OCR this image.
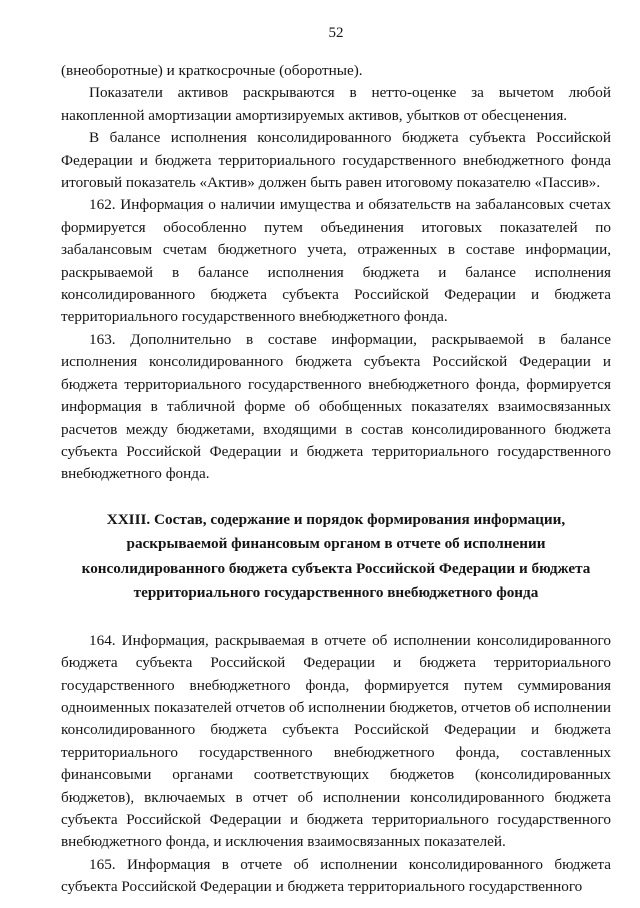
52

(внеоборотные) и краткосрочные (оборотные).

Показатели активов раскрываются в нетто-оценке за вычетом любой накопленной амортизации амортизируемых активов, убытков от обесценения.

В балансе исполнения консолидированного бюджета субъекта Российской Федерации и бюджета территориального государственного внебюджетного фонда итоговый показатель «Актив» должен быть равен итоговому показателю «Пассив».

162. Информация о наличии имущества и обязательств на забалансовых счетах формируется обособленно путем объединения итоговых показателей по забалансовым счетам бюджетного учета, отраженных в составе информации, раскрываемой в балансе исполнения бюджета и балансе исполнения консолидированного бюджета субъекта Российской Федерации и бюджета территориального государственного внебюджетного фонда.

163. Дополнительно в составе информации, раскрываемой в балансе исполнения консолидированного бюджета субъекта Российской Федерации и бюджета территориального государственного внебюджетного фонда, формируется информация в табличной форме об обобщенных показателях взаимосвязанных расчетов между бюджетами, входящими в состав консолидированного бюджета субъекта Российской Федерации и бюджета территориального государственного внебюджетного фонда.

XXIII. Состав, содержание и порядок формирования информации, раскрываемой финансовым органом в отчете об исполнении консолидированного бюджета субъекта Российской Федерации и бюджета территориального государственного внебюджетного фонда

164. Информация, раскрываемая в отчете об исполнении консолидированного бюджета субъекта Российской Федерации и бюджета территориального государственного внебюджетного фонда, формируется путем суммирования одноименных показателей отчетов об исполнении бюджетов, отчетов об исполнении консолидированного бюджета субъекта Российской Федерации и бюджета территориального государственного внебюджетного фонда, составленных финансовыми органами соответствующих бюджетов (консолидированных бюджетов), включаемых в отчет об исполнении консолидированного бюджета субъекта Российской Федерации и бюджета территориального государственного внебюджетного фонда, и исключения взаимосвязанных показателей.

165. Информация в отчете об исполнении консолидированного бюджета субъекта Российской Федерации и бюджета территориального государственного
